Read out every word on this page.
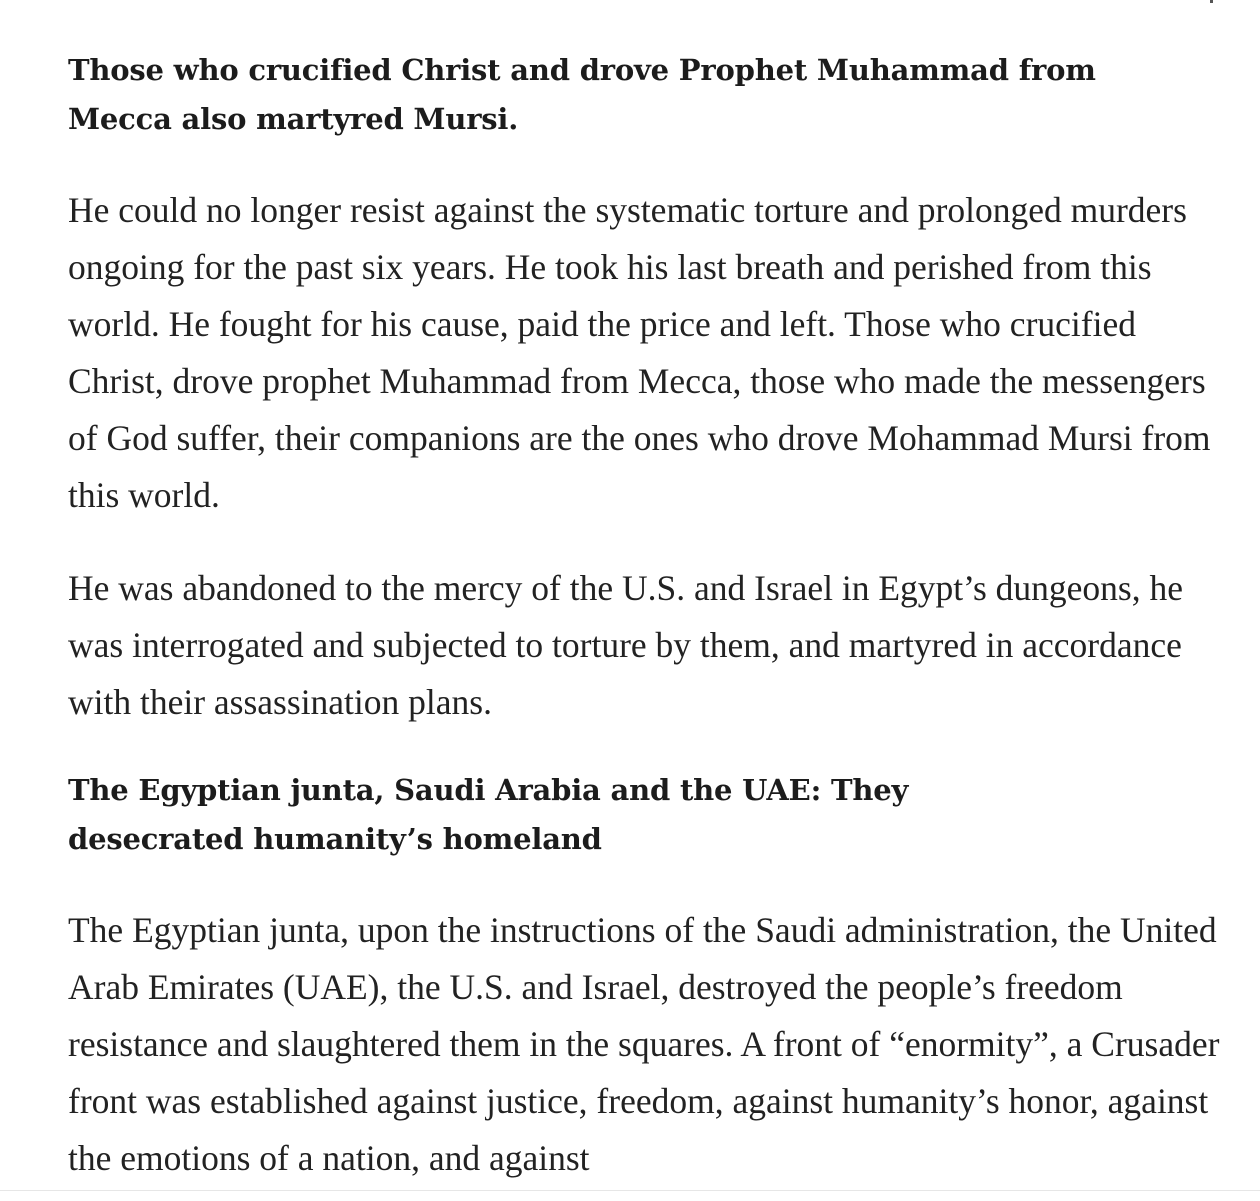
Those who crucified Christ and drove Prophet Muhammad from Mecca also martyred Mursi.

He could no longer resist against the systematic torture and prolonged murders ongoing for the past six years. He took his last breath and perished from this world. He fought for his cause, paid the price and left. Those who crucified Christ, drove prophet Muhammad from Mecca, those who made the messengers of God suffer, their companions are the ones who drove Mohammad Mursi from this world.

He was abandoned to the mercy of the U.S. and Israel in Egypt’s dungeons, he was interrogated and subjected to torture by them, and martyred in accordance with their assassination plans.

The Egyptian junta, Saudi Arabia and the UAE: They desecrated humanity’s homeland

The Egyptian junta, upon the instructions of the Saudi administration, the United Arab Emirates (UAE), the U.S. and Israel, destroyed the people’s freedom resistance and slaughtered them in the squares. A front of “enormity”, a Crusader front was established against justice, freedom, against humanity’s honor, against the emotions of a nation, and against
